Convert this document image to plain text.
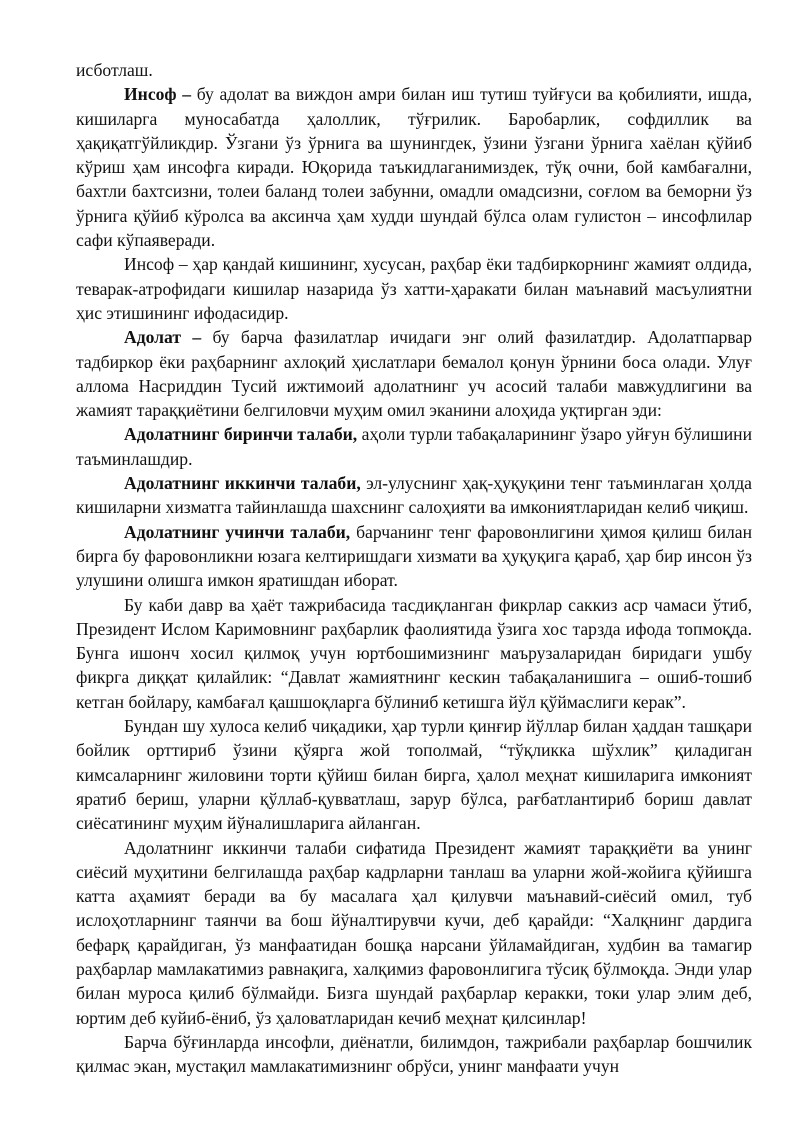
исботлаш.

Инсоф – бу адолат ва виждон амри билан иш тутиш туйғуси ва қобилияти, ишда, кишиларга муносабатда ҳалоллик, тўғрилик. Баробарлик, софдиллик ва ҳақиқатгўйликдир. Ўзгани ўз ўрнига ва шунингдек, ўзини ўзгани ўрнига хаёлан қўйиб кўриш ҳам инсофга киради. Юқорида таъкидлаганимиздек, тўқ очни, бой камбағални, бахтли бахтсизни, толеи баланд толеи забунни, омадли омадсизни, соғлом ва беморни ўз ўрнига қўйиб кўролса ва аксинча ҳам худди шундай бўлса олам гулистон – инсофлилар сафи кўпаяверади.

Инсоф – ҳар қандай кишининг, хусусан, раҳбар ёки тадбиркорнинг жамият олдида, теварак-атрофидаги кишилар назарида ўз хатти-ҳаракати билан маънавий масъулиятни ҳис этишининг ифодасидир.

Адолат – бу барча фазилатлар ичидаги энг олий фазилатдир. Адолатпарвар тадбиркор ёки раҳбарнинг ахлоқий ҳислатлари бемалол қонун ўрнини боса олади. Улуғ аллома Насриддин Тусий ижтимоий адолатнинг уч асосий талаби мавжудлигини ва жамият тараққиётини белгиловчи муҳим омил эканини алоҳида уқтирган эди:

Адолатнинг биринчи талаби, аҳоли турли табақаларининг ўзаро уйғун бўлишини таъминлашдир.

Адолатнинг иккинчи талаби, эл-улуснинг ҳақ-ҳуқуқини тенг таъминлаган ҳолда кишиларни хизматга тайинлашда шахснинг салоҳияти ва имкониятларидан келиб чиқиш.

Адолатнинг учинчи талаби, барчанинг тенг фаровонлигини ҳимоя қилиш билан бирга бу фаровонликни юзага келтиришдаги хизмати ва ҳуқуқига қараб, ҳар бир инсон ўз улушини олишга имкон яратишдан иборат.

Бу каби давр ва ҳаёт тажрибасида тасдиқланган фикрлар саккиз аср чамаси ўтиб, Президент Ислом Каримовнинг раҳбарлик фаолиятида ўзига хос тарзда ифода топмоқда. Бунга ишонч хосил қилмоқ учун юртбошимизнинг маърузаларидан биридаги ушбу фикрга диққат қилайлик: “Давлат жамиятнинг кескин табақаланишига – ошиб-тошиб кетган бойлару, камбағал қашшоқларга бўлиниб кетишга йўл қўймаслиги керак”.

Бундан шу хулоса келиб чиқадики, ҳар турли қинғир йўллар билан ҳаддан ташқари бойлик орттириб ўзини қўярга жой тополмай, “тўқликка шўхлик” қиладиган кимсаларнинг жиловини торти қўйиш билан бирга, ҳалол меҳнат кишиларига имконият яратиб бериш, уларни қўллаб-қувватлаш, зарур бўлса, рағбатлантириб бориш давлат сиёсатининг муҳим йўналишларига айланган.

Адолатнинг иккинчи талаби сифатида Президент жамият тараққиёти ва унинг сиёсий муҳитини белгилашда раҳбар кадрларни танлаш ва уларни жой-жойига қўйишга катта аҳамият беради ва бу масалага ҳал қилувчи маънавий-сиёсий омил, туб ислоҳотларнинг таянчи ва бош йўналтирувчи кучи, деб қарайди: “Халқнинг дардига бефарқ қарайдиган, ўз манфаатидан бошқа нарсани ўйламайдиган, худбин ва тамагир раҳбарлар мамлакатимиз равнақига, халқимиз фаровонлигига тўсиқ бўлмоқда. Энди улар билан муроса қилиб бўлмайди. Бизга шундай раҳбарлар керакки, токи улар элим деб, юртим деб куйиб-ёниб, ўз ҳаловатларидан кечиб меҳнат қилсинлар!

Барча бўғинларда инсофли, диёнатли, билимдон, тажрибали раҳбарлар бошчилик қилмас экан, мустақил мамлакатимизнинг обрўси, унинг манфаати учун
